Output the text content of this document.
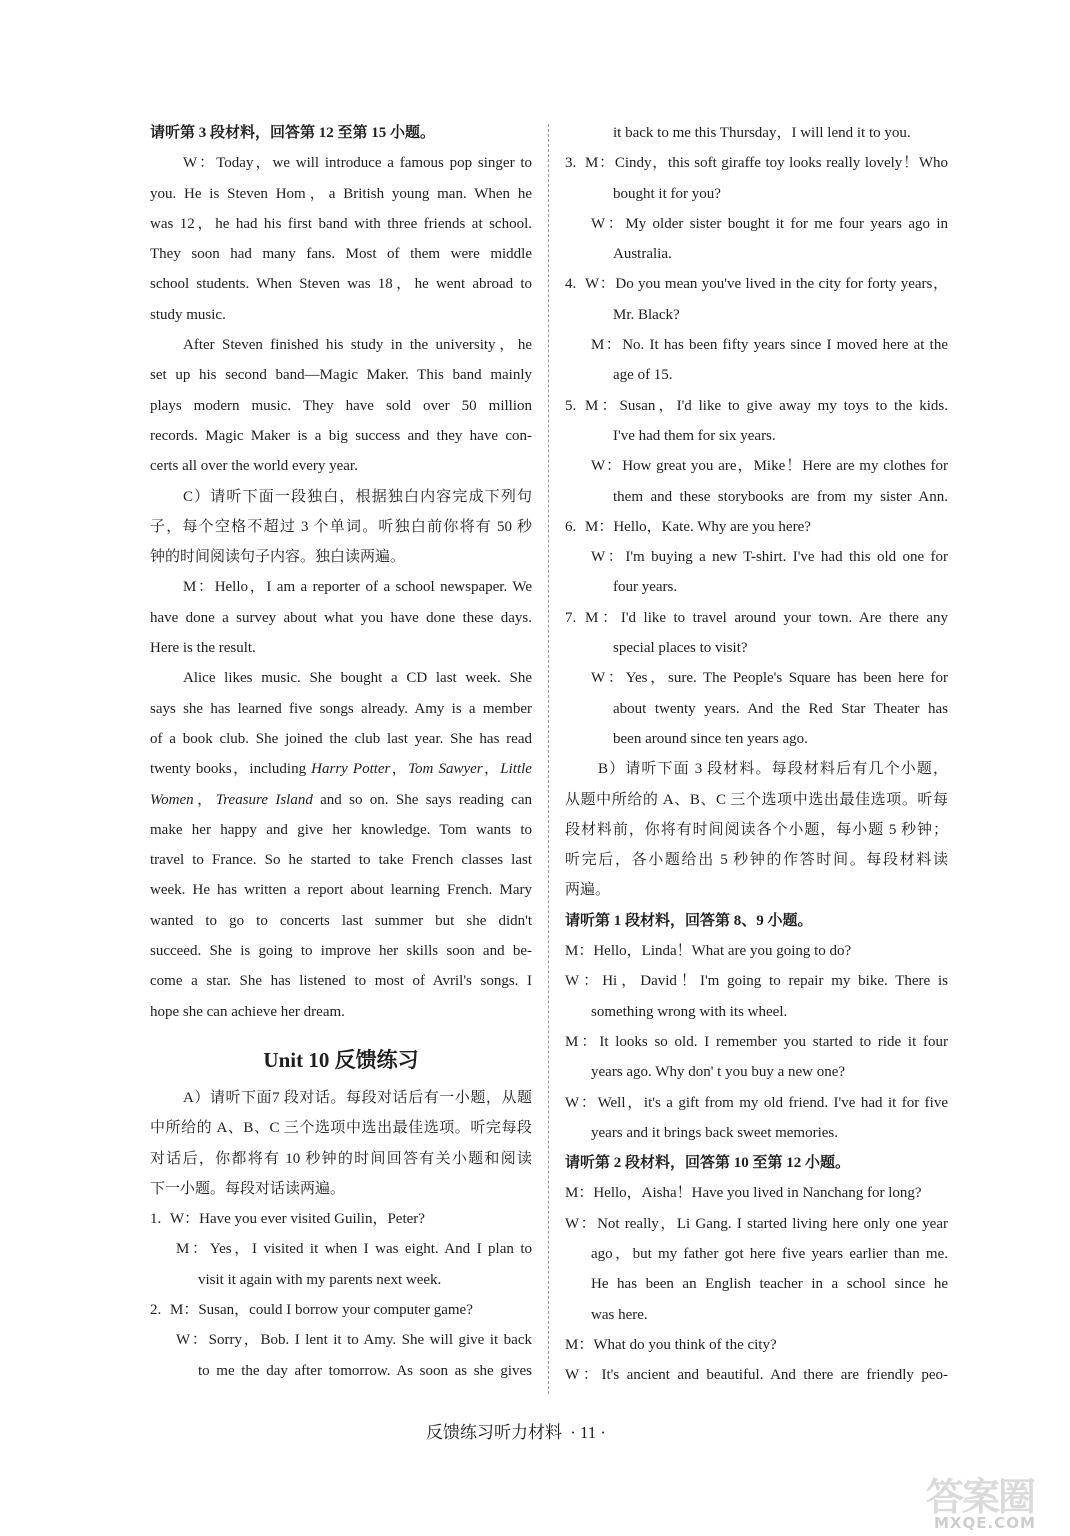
请听第 3 段材料，回答第 12 至第 15 小题。
W：Today，we will introduce a famous pop singer to
you. He is Steven Hom，a British young man. When he
was 12，he had his first band with three friends at school.
They soon had many fans. Most of them were middle
school students. When Steven was 18，he went abroad to
study music.
After Steven finished his study in the university，he
set up his second band—Magic Maker. This band mainly
plays modern music. They have sold over 50 million
records. Magic Maker is a big success and they have con-
certs all over the world every year.
C）请听下面一段独白，根据独白内容完成下列句
子，每个空格不超过 3 个单词。听独白前你将有 50 秒
钟的时间阅读句子内容。独白读两遍。
M：Hello，I am a reporter of a school newspaper. We
have done a survey about what you have done these days.
Here is the result.
Alice likes music. She bought a CD last week. She
says she has learned five songs already. Amy is a member
of a book club. She joined the club last year. She has read
twenty books，including Harry Potter，Tom Sawyer，Little
Women，Treasure Island and so on. She says reading can
make her happy and give her knowledge. Tom wants to
travel to France. So he started to take French classes last
week. He has written a report about learning French. Mary
wanted to go to concerts last summer but she didn't
succeed. She is going to improve her skills soon and be-
come a star. She has listened to most of Avril's songs. I
hope she can achieve her dream.
Unit 10 反馈练习
A）请听下面7 段对话。每段对话后有一小题，从题
中所给的 A、B、C 三个选项中选出最佳选项。听完每段
对话后，你都将有 10 秒钟的时间回答有关小题和阅读
下一小题。每段对话读两遍。
1. W：Have you ever visited Guilin，Peter?
M：Yes，I visited it when I was eight. And I plan to
visit it again with my parents next week.
2. M：Susan，could I borrow your computer game?
W：Sorry，Bob. I lent it to Amy. She will give it back
to me the day after tomorrow. As soon as she gives
it back to me this Thursday，I will lend it to you.
3. M：Cindy，this soft giraffe toy looks really lovely！Who
bought it for you?
W：My older sister bought it for me four years ago in
Australia.
4. W：Do you mean you've lived in the city for forty years，
Mr. Black?
M：No. It has been fifty years since I moved here at the
age of 15.
5. M：Susan，I'd like to give away my toys to the kids.
I've had them for six years.
W：How great you are，Mike！Here are my clothes for
them and these storybooks are from my sister Ann.
6. M：Hello，Kate. Why are you here?
W：I'm buying a new T-shirt. I've had this old one for
four years.
7. M：I'd like to travel around your town. Are there any
special places to visit?
W：Yes，sure. The People's Square has been here for
about twenty years. And the Red Star Theater has
been around since ten years ago.
B）请听下面 3 段材料。每段材料后有几个小题，
从题中所给的 A、B、C 三个选项中选出最佳选项。听每
段材料前，你将有时间阅读各个小题，每小题 5 秒钟；
听完后，各小题给出 5 秒钟的作答时间。每段材料读
两遍。
请听第 1 段材料，回答第 8、9 小题。
M：Hello，Linda！What are you going to do?
W：Hi，David！I'm going to repair my bike. There is
something wrong with its wheel.
M：It looks so old. I remember you started to ride it four
years ago. Why don' t you buy a new one?
W：Well，it's a gift from my old friend. I've had it for five
years and it brings back sweet memories.
请听第 2 段材料，回答第 10 至第 12 小题。
M：Hello，Aisha！Have you lived in Nanchang for long?
W：Not really，Li Gang. I started living here only one year
ago，but my father got here five years earlier than me.
He has been an English teacher in a school since he
was here.
M：What do you think of the city?
W：It's ancient and beautiful. And there are friendly peo-
反馈练习听力材料 · 11 ·
答案圈
MXQE.COM
